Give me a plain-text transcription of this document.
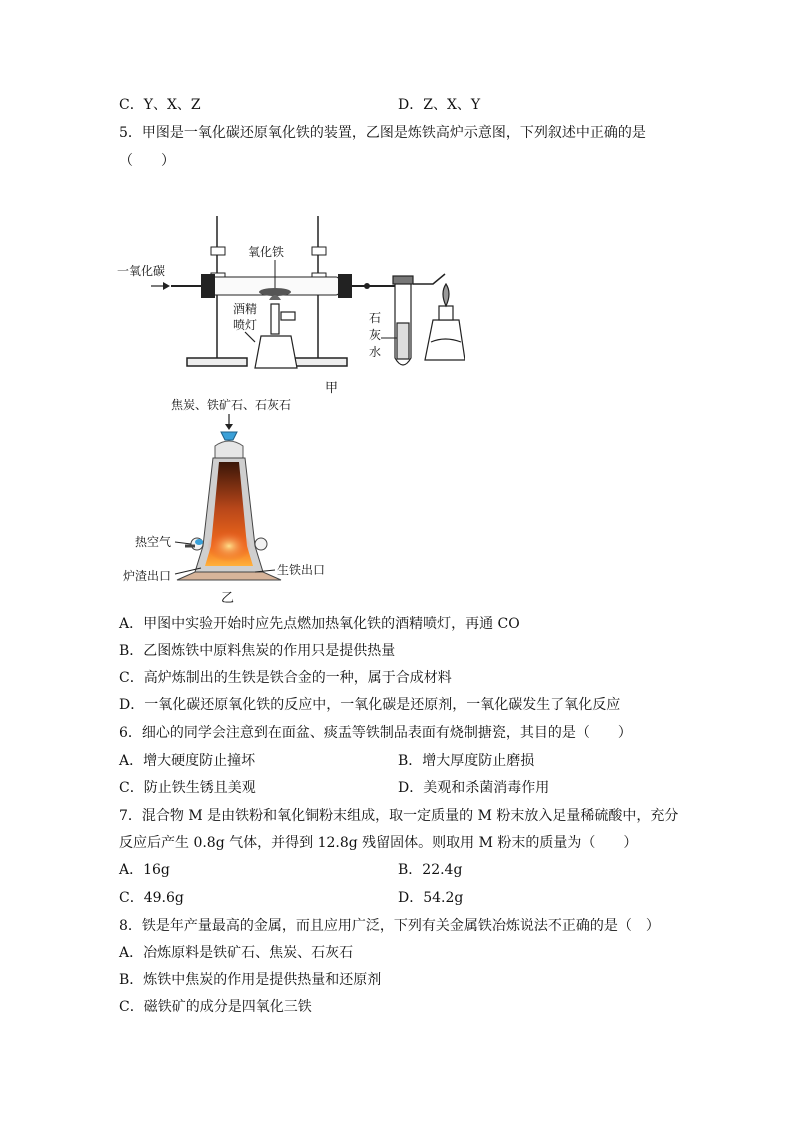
C．Y、X、Z	D．Z、X、Y
5．甲图是一氧化碳还原氧化铁的装置，乙图是炼铁高炉示意图，下列叙述中正确的是
（　　）
一氧化碳
氧化铁
酒精
喷灯	石
灰
水
甲
焦炭、铁矿石、石灰石
热空气
炉渣出口	生铁出口
乙
A．甲图中实验开始时应先点燃加热氧化铁的酒精喷灯，再通 CO
B．乙图炼铁中原料焦炭的作用只是提供热量
C．高炉炼制出的生铁是铁合金的一种，属于合成材料
D．一氧化碳还原氧化铁的反应中，一氧化碳是还原剂，一氧化碳发生了氧化反应
6．细心的同学会注意到在面盆、痰盂等铁制品表面有烧制搪瓷，其目的是（　　）
A．增大硬度防止撞坏	B．增大厚度防止磨损
C．防止铁生锈且美观	D．美观和杀菌消毒作用
7．混合物 M 是由铁粉和氧化铜粉末组成，取一定质量的 M 粉末放入足量稀硫酸中，充分
反应后产生 0.8g 气体，并得到 12.8g 残留固体。则取用 M 粉末的质量为（　　）
A．16g	B．22.4g
C．49.6g	D．54.2g
8．铁是年产量最高的金属，而且应用广泛，下列有关金属铁冶炼说法不正确的是（　）
A．冶炼原料是铁矿石、焦炭、石灰石
B．炼铁中焦炭的作用是提供热量和还原剂
C．磁铁矿的成分是四氧化三铁
